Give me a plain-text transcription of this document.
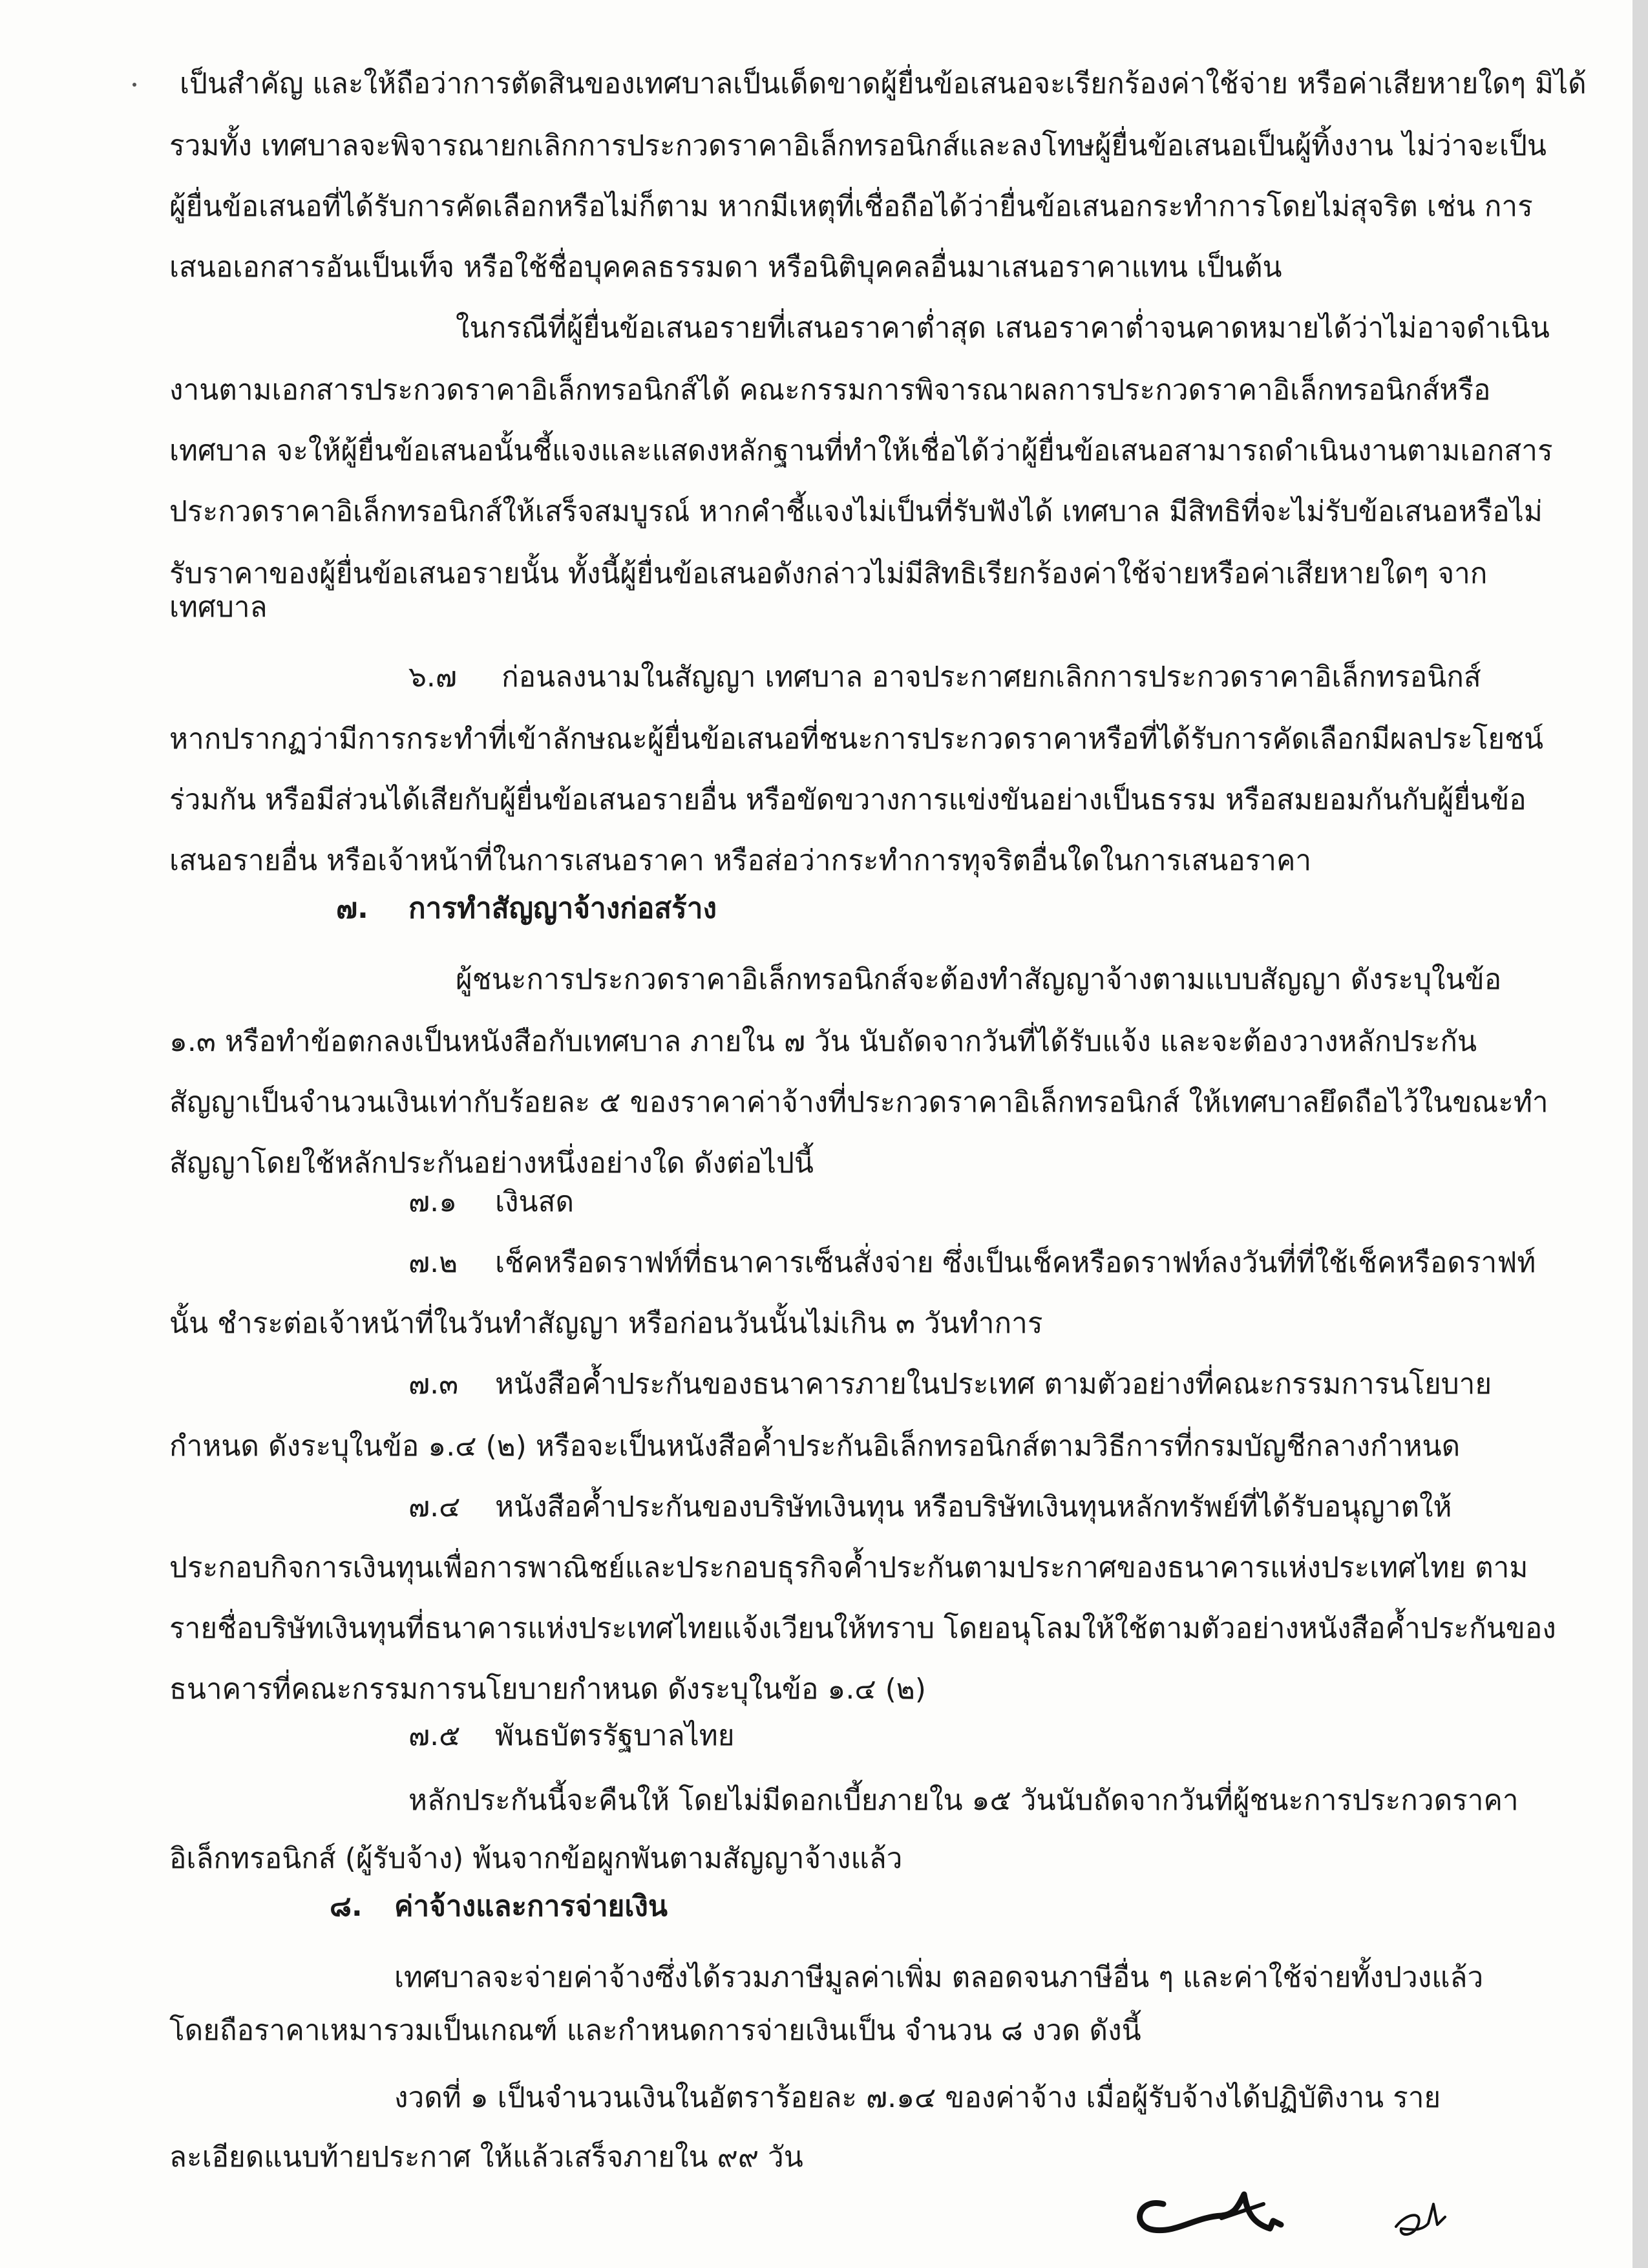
เป็นสำคัญ และให้ถือว่าการตัดสินของเทศบาลเป็นเด็ดขาดผู้ยื่นข้อเสนอจะเรียกร้องค่าใช้จ่าย หรือค่าเสียหายใดๆ มิได้
รวมทั้ง เทศบาลจะพิจารณายกเลิกการประกวดราคาอิเล็กทรอนิกส์และลงโทษผู้ยื่นข้อเสนอเป็นผู้ทิ้งงาน ไม่ว่าจะเป็น
ผู้ยื่นข้อเสนอที่ได้รับการคัดเลือกหรือไม่ก็ตาม หากมีเหตุที่เชื่อถือได้ว่ายื่นข้อเสนอกระทำการโดยไม่สุจริต เช่น การ
เสนอเอกสารอันเป็นเท็จ หรือใช้ชื่อบุคคลธรรมดา หรือนิติบุคคลอื่นมาเสนอราคาแทน เป็นต้น
ในกรณีที่ผู้ยื่นข้อเสนอรายที่เสนอราคาต่ำสุด เสนอราคาต่ำจนคาดหมายได้ว่าไม่อาจดำเนิน
งานตามเอกสารประกวดราคาอิเล็กทรอนิกส์ได้ คณะกรรมการพิจารณาผลการประกวดราคาอิเล็กทรอนิกส์หรือ
เทศบาล จะให้ผู้ยื่นข้อเสนอนั้นชี้แจงและแสดงหลักฐานที่ทำให้เชื่อได้ว่าผู้ยื่นข้อเสนอสามารถดำเนินงานตามเอกสาร
ประกวดราคาอิเล็กทรอนิกส์ให้เสร็จสมบูรณ์ หากคำชี้แจงไม่เป็นที่รับฟังได้ เทศบาล มีสิทธิที่จะไม่รับข้อเสนอหรือไม่
รับราคาของผู้ยื่นข้อเสนอรายนั้น ทั้งนี้ผู้ยื่นข้อเสนอดังกล่าวไม่มีสิทธิเรียกร้องค่าใช้จ่ายหรือค่าเสียหายใดๆ จาก
เทศบาล
๖.๗ ก่อนลงนามในสัญญา เทศบาล อาจประกาศยกเลิกการประกวดราคาอิเล็กทรอนิกส์
หากปรากฏว่ามีการกระทำที่เข้าลักษณะผู้ยื่นข้อเสนอที่ชนะการประกวดราคาหรือที่ได้รับการคัดเลือกมีผลประโยชน์
ร่วมกัน หรือมีส่วนได้เสียกับผู้ยื่นข้อเสนอรายอื่น หรือขัดขวางการแข่งขันอย่างเป็นธรรม หรือสมยอมกันกับผู้ยื่นข้อ
เสนอรายอื่น หรือเจ้าหน้าที่ในการเสนอราคา หรือส่อว่ากระทำการทุจริตอื่นใดในการเสนอราคา
๗. การทำสัญญาจ้างก่อสร้าง
ผู้ชนะการประกวดราคาอิเล็กทรอนิกส์จะต้องทำสัญญาจ้างตามแบบสัญญา ดังระบุในข้อ
๑.๓ หรือทำข้อตกลงเป็นหนังสือกับเทศบาล ภายใน ๗ วัน นับถัดจากวันที่ได้รับแจ้ง และจะต้องวางหลักประกัน
สัญญาเป็นจำนวนเงินเท่ากับร้อยละ ๕ ของราคาค่าจ้างที่ประกวดราคาอิเล็กทรอนิกส์ ให้เทศบาลยึดถือไว้ในขณะทำ
สัญญาโดยใช้หลักประกันอย่างหนึ่งอย่างใด ดังต่อไปนี้
๗.๑ เงินสด
๗.๒ เช็คหรือดราฟท์ที่ธนาคารเซ็นสั่งจ่าย ซึ่งเป็นเช็คหรือดราฟท์ลงวันที่ที่ใช้เช็คหรือดราฟท์
นั้น ชำระต่อเจ้าหน้าที่ในวันทำสัญญา หรือก่อนวันนั้นไม่เกิน ๓ วันทำการ
๗.๓ หนังสือค้ำประกันของธนาคารภายในประเทศ ตามตัวอย่างที่คณะกรรมการนโยบาย
กำหนด ดังระบุในข้อ ๑.๔ (๒) หรือจะเป็นหนังสือค้ำประกันอิเล็กทรอนิกส์ตามวิธีการที่กรมบัญชีกลางกำหนด
๗.๔ หนังสือค้ำประกันของบริษัทเงินทุน หรือบริษัทเงินทุนหลักทรัพย์ที่ได้รับอนุญาตให้
ประกอบกิจการเงินทุนเพื่อการพาณิชย์และประกอบธุรกิจค้ำประกันตามประกาศของธนาคารแห่งประเทศไทย ตาม
รายชื่อบริษัทเงินทุนที่ธนาคารแห่งประเทศไทยแจ้งเวียนให้ทราบ โดยอนุโลมให้ใช้ตามตัวอย่างหนังสือค้ำประกันของ
ธนาคารที่คณะกรรมการนโยบายกำหนด ดังระบุในข้อ ๑.๔ (๒)
๗.๕ พันธบัตรรัฐบาลไทย
หลักประกันนี้จะคืนให้ โดยไม่มีดอกเบี้ยภายใน ๑๕ วันนับถัดจากวันที่ผู้ชนะการประกวดราคา
อิเล็กทรอนิกส์ (ผู้รับจ้าง) พ้นจากข้อผูกพันตามสัญญาจ้างแล้ว
๘. ค่าจ้างและการจ่ายเงิน
เทศบาลจะจ่ายค่าจ้างซึ่งได้รวมภาษีมูลค่าเพิ่ม ตลอดจนภาษีอื่น ๆ และค่าใช้จ่ายทั้งปวงแล้ว
โดยถือราคาเหมารวมเป็นเกณฑ์ และกำหนดการจ่ายเงินเป็น จำนวน ๘ งวด ดังนี้
งวดที่ ๑ เป็นจำนวนเงินในอัตราร้อยละ ๗.๑๔ ของค่าจ้าง เมื่อผู้รับจ้างได้ปฏิบัติงาน ราย
ละเอียดแนบท้ายประกาศ ให้แล้วเสร็จภายใน ๙๙ วัน
